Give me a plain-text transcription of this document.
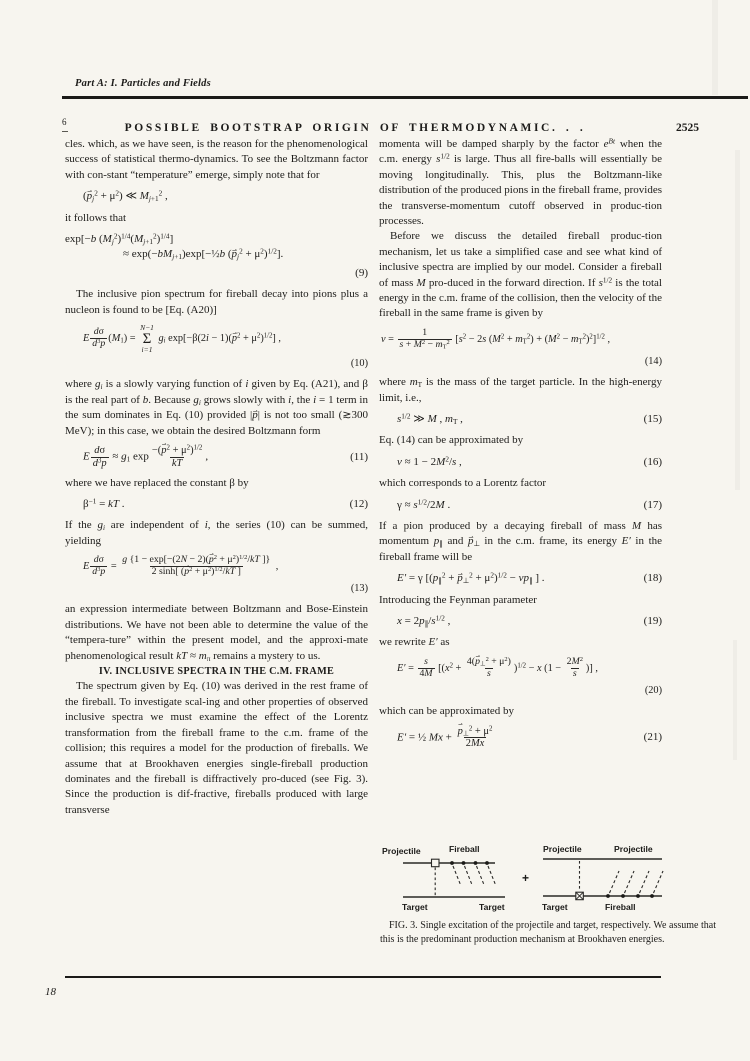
Part A: I. Particles and Fields
6	POSSIBLE BOOTSTRAP ORIGIN OF THERMODYNAMIC. . .	2525

cles. which, as we have seen, is the reason for the phenomenological success of statistical thermo-dynamics. To see the Boltzmann factor with con-stant “temperature” emerge, simply note that for

(p $⇀_j^2 + \mu^2$) ≪ $M_{j+1}^2$ ,

it follows that

exp[−b $(M_j^2)^{1/4}(M_{j+1}^2)^{1/4}$]
≈ $\exp(-bM_{j+1})\exp[-\frac{1}{2}b$ (p $⇀_j^2 + \mu^2)^{1/2}$].
(9)

The inclusive pion spectrum for fireball decay into pions plus a nucleon is found to be [Eq. (A20)]

E $\frac{d\sigma}{d^3p} (M_1)$ =
N−1
Σ
i=1
$g_i$ exp[−β(2i − 1)(p ⇀$^2$ + $\mu^2)^{1/2}$] ,
(10)

where $g_i$ is a slowly varying function of i given by Eq. (A21), and β is the real part of b. Because $g_i$ grows slowly with i, the i = 1 term in the sum dominates in Eq. (10) provided |p ⇀| is not too small (≳300 MeV); in this case, we obtain the desired Boltzmann form

E $\frac{d\sigma}{d^3p} \approx g_1$ $\exp \frac{-(p ⇀^2 + \mu^2)^{1/2}}{kT}$ ,	(11)

where we have replaced the constant β by

$\beta^{-1}$ = kT .	(12)

If the $g_i$ are independent of i, the series (10) can be summed, yielding

E $\frac{d\sigma}{d^3p} = \frac{g \{1 - \exp[-(2N - 2)(p ⇀^2 + \mu^2)^{1/2}/kT ]\}}{2 \sinh[ (p ⇀^2 + \mu^2)^{1/2}/kT ]}$ ,
(13)

an expression intermediate between Boltzmann and Bose-Einstein distributions. We have not been able to determine the value of the “tempera-ture” within the present model, and the approxi-mate phenomenological result kT ≈ $m_\pi$ remains a mystery to us.

IV. INCLUSIVE SPECTRA IN THE C.M. FRAME

The spectrum given by Eq. (10) was derived in the rest frame of the fireball. To investigate scal-ing and other properties of observed inclusive spectra we must examine the effect of the Lorentz transformation from the fireball frame to the c.m. frame of the collision; this requires a model for the production of fireballs. We assume that at Brookhaven energies single-fireball production dominates and the fireball is diffractively pro-duced (see Fig. 3). Since the production is dif-fractive, fireballs produced with large transverse

momenta will be damped sharply by the factor $e^{Bt}$ when the c.m. energy $s^{1/2}$ is large. Thus all fire-balls will essentially be moving longitudinally. This, plus the Boltzmann-like distribution of the produced pions in the fireball frame, provides the transverse-momentum cutoff observed in produc-tion processes.

Before we discuss the detailed fireball produc-tion mechanism, let us take a simplified case and see what kind of inclusive spectra are implied by our model. Consider a fireball of mass M pro-duced in the forward direction. If $s^{1/2}$ is the total energy in the c.m. frame of the collision, then the velocity of the fireball in the same frame is given by

$v = \frac{1}{s + M^2 - m_T^2} [s^2 - 2s$ $(M^2 + m_T^2) + (M^2 - m_T^2)^2]^{1/2}$ ,
(14)

where $m_T$ is the mass of the target particle. In the high-energy limit, i.e.,

$s^{1/2}$ ≫ M , $m_T$ ,	(15)

Eq. (14) can be approximated by

$v \approx 1 - 2M^2/s$ ,	(16)

which corresponds to a Lorentz factor

$\gamma \approx s^{1/2}/2M$ .	(17)

If a pion produced by a decaying fireball of mass M has momentum $p_\parallel$ and p $⇀_\perp$ in the c.m. frame, its energy E′ in the fireball frame will be

E′ = γ [($p_\parallel^2 + p$ $⇀_\perp^2 + \mu^2)^{1/2} - vp_\parallel$ ] .	(18)

Introducing the Feynman parameter

$x = 2p_\parallel/s^{1/2}$ ,	(19)

we rewrite E′ as

$E' = \frac{s}{4M} [(x^2 + \frac{4(p ⇀_\perp^2 + \mu^2)}{s} )^{1/2} - x$ ($1 - \frac{2M^2}{s}$ )] ,
(20)

which can be approximated by

E′ = ½ $Mx + \frac{p ⇀_\perp^2 + \mu^2}{2Mx}$	(21)
Projectile	Fireball
Target	Target
+
Projectile	Projectile
Target	Fireball
FIG. 3. Single excitation of the projectile and target, respectively. We assume that this is the predominant production mechanism at Brookhaven energies.
18
